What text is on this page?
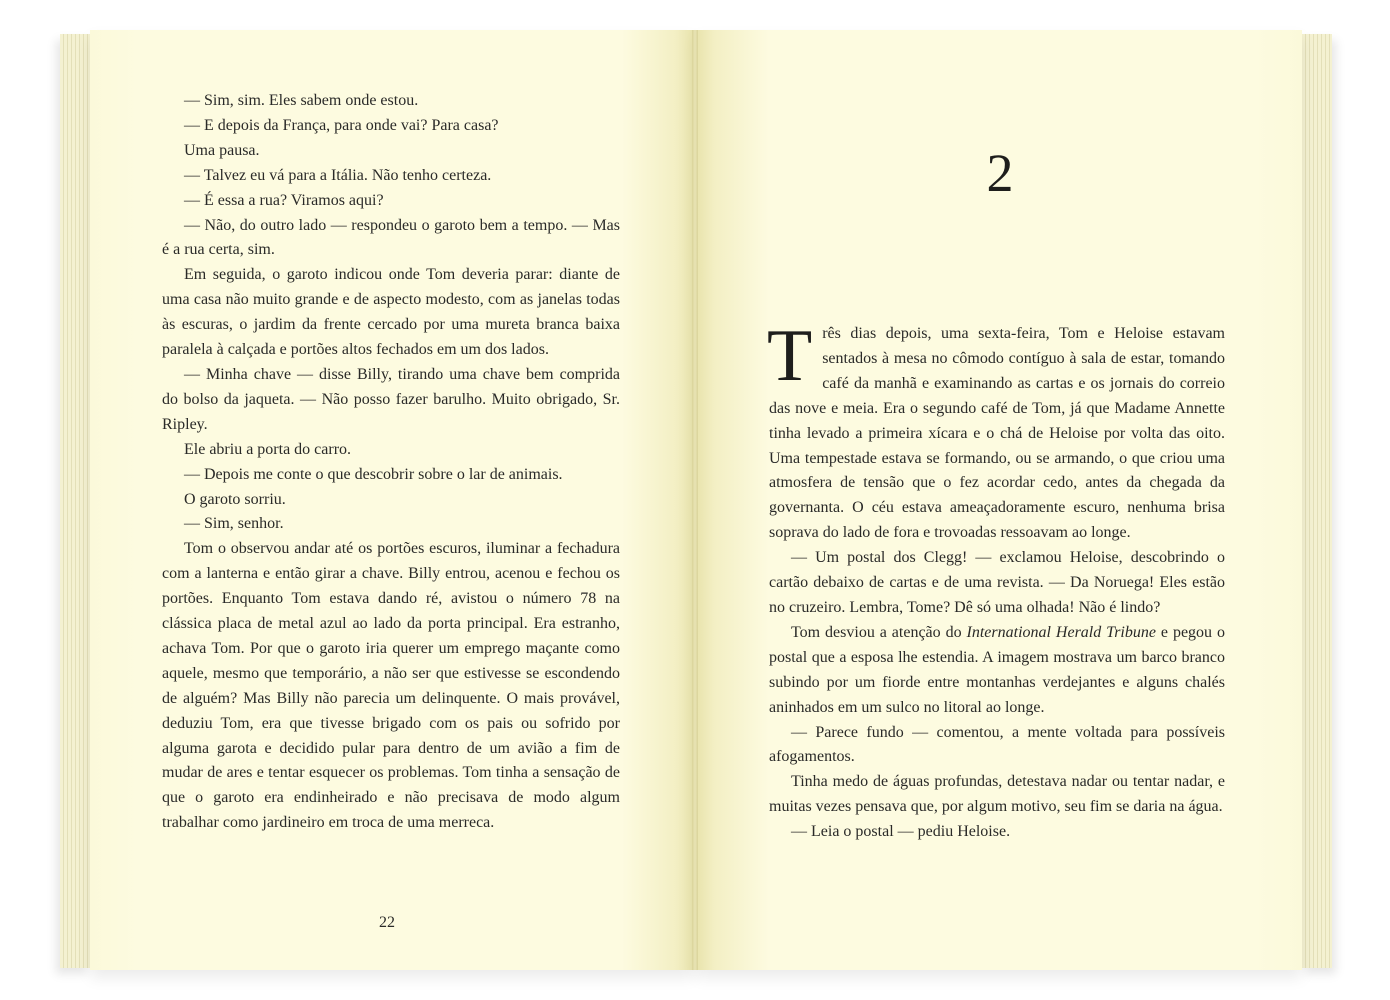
— Sim, sim. Eles sabem onde estou.

— E depois da França, para onde vai? Para casa?

Uma pausa.

— Talvez eu vá para a Itália. Não tenho certeza.

— É essa a rua? Viramos aqui?

— Não, do outro lado — respondeu o garoto bem a tempo. — Mas é a rua certa, sim.

Em seguida, o garoto indicou onde Tom deveria parar: diante de uma casa não muito grande e de aspecto modesto, com as janelas todas às escuras, o jardim da frente cercado por uma mureta branca baixa paralela à calçada e portões altos fechados em um dos lados.

— Minha chave — disse Billy, tirando uma chave bem comprida do bolso da jaqueta. — Não posso fazer barulho. Muito obrigado, Sr. Ripley.

Ele abriu a porta do carro.

— Depois me conte o que descobrir sobre o lar de animais.

O garoto sorriu.

— Sim, senhor.

Tom o observou andar até os portões escuros, iluminar a fechadura com a lanterna e então girar a chave. Billy entrou, acenou e fechou os portões. Enquanto Tom estava dando ré, avistou o número 78 na clássica placa de metal azul ao lado da porta principal. Era estranho, achava Tom. Por que o garoto iria querer um emprego maçante como aquele, mesmo que temporário, a não ser que estivesse se escondendo de alguém? Mas Billy não parecia um delinquente. O mais provável, deduziu Tom, era que tivesse brigado com os pais ou sofrido por alguma garota e decidido pular para dentro de um avião a fim de mudar de ares e tentar esquecer os problemas. Tom tinha a sensação de que o garoto era endinheirado e não precisava de modo algum trabalhar como jardineiro em troca de uma merreca.

22
2

Três dias depois, uma sexta-feira, Tom e Heloise estavam sentados à mesa no cômodo contíguo à sala de estar, tomando café da manhã e examinando as cartas e os jornais do correio das nove e meia. Era o segundo café de Tom, já que Madame Annette tinha levado a primeira xícara e o chá de Heloise por volta das oito. Uma tempestade estava se formando, ou se armando, o que criou uma atmosfera de tensão que o fez acordar cedo, antes da chegada da governanta. O céu estava ameaçadoramente escuro, nenhuma brisa soprava do lado de fora e trovoadas ressoavam ao longe.

— Um postal dos Clegg! — exclamou Heloise, descobrindo o cartão debaixo de cartas e de uma revista. — Da Noruega! Eles estão no cruzeiro. Lembra, Tome? Dê só uma olhada! Não é lindo?

Tom desviou a atenção do International Herald Tribune e pegou o postal que a esposa lhe estendia. A imagem mostrava um barco branco subindo por um fiorde entre montanhas verdejantes e alguns chalés aninhados em um sulco no litoral ao longe.

— Parece fundo — comentou, a mente voltada para possíveis afogamentos.

Tinha medo de águas profundas, detestava nadar ou tentar nadar, e muitas vezes pensava que, por algum motivo, seu fim se daria na água.

— Leia o postal — pediu Heloise.
